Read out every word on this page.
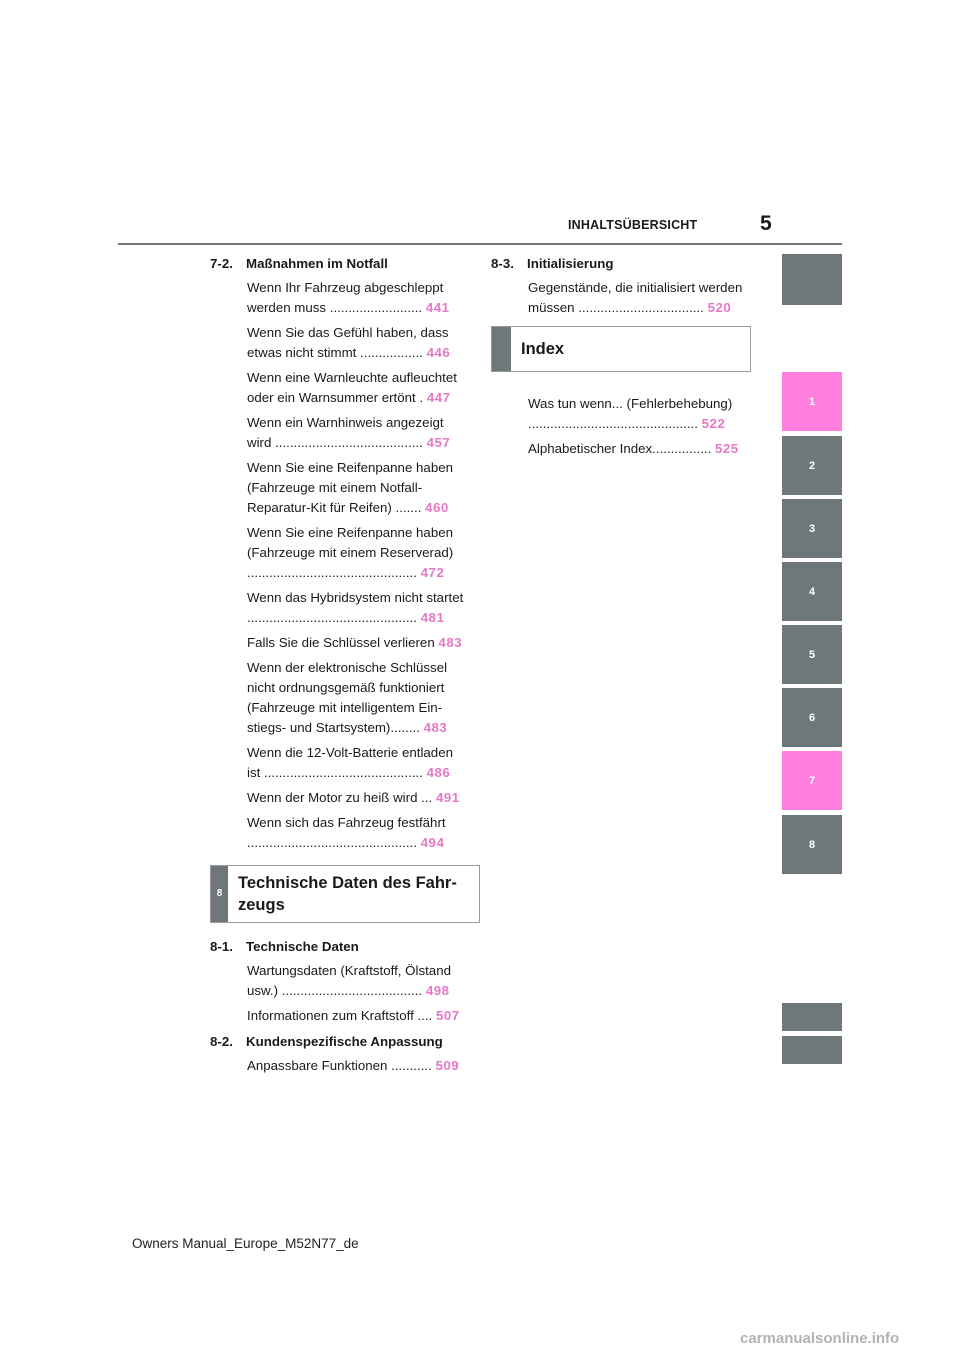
INHALTSÜBERSICHT	5
7-2. Maßnahmen im Notfall
Wenn Ihr Fahrzeug abgeschleppt
werden muss ......................... 441
Wenn Sie das Gefühl haben, dass
etwas nicht stimmt ................. 446
Wenn eine Warnleuchte aufleuchtet
oder ein Warnsummer ertönt . 447
Wenn ein Warnhinweis angezeigt
wird ........................................ 457
Wenn Sie eine Reifenpanne haben
(Fahrzeuge mit einem Notfall-
Reparatur-Kit für Reifen) ....... 460
Wenn Sie eine Reifenpanne haben
(Fahrzeuge mit einem Reserverad)
.............................................. 472
Wenn das Hybridsystem nicht startet
.............................................. 481
Falls Sie die Schlüssel verlieren 483
Wenn der elektronische Schlüssel
nicht ordnungsgemäß funktioniert
(Fahrzeuge mit intelligentem Ein-
stiegs- und Startsystem)........ 483
Wenn die 12-Volt-Batterie entladen
ist ........................................... 486
Wenn der Motor zu heiß wird ... 491
Wenn sich das Fahrzeug festfährt
.............................................. 494
8
Technische Daten des Fahr-
zeugs
8-1. Technische Daten
Wartungsdaten (Kraftstoff, Ölstand
usw.) ...................................... 498
Informationen zum Kraftstoff .... 507
8-2. Kundenspezifische Anpassung
Anpassbare Funktionen ........... 509
8-3. Initialisierung
Gegenstände, die initialisiert werden
müssen .................................. 520
Index
Was tun wenn... (Fehlerbehebung)
.............................................. 522
Alphabetischer Index................ 525
1
2
3
4
5
6
7
8
Owners Manual_Europe_M52N77_de
carmanualsonline.info
